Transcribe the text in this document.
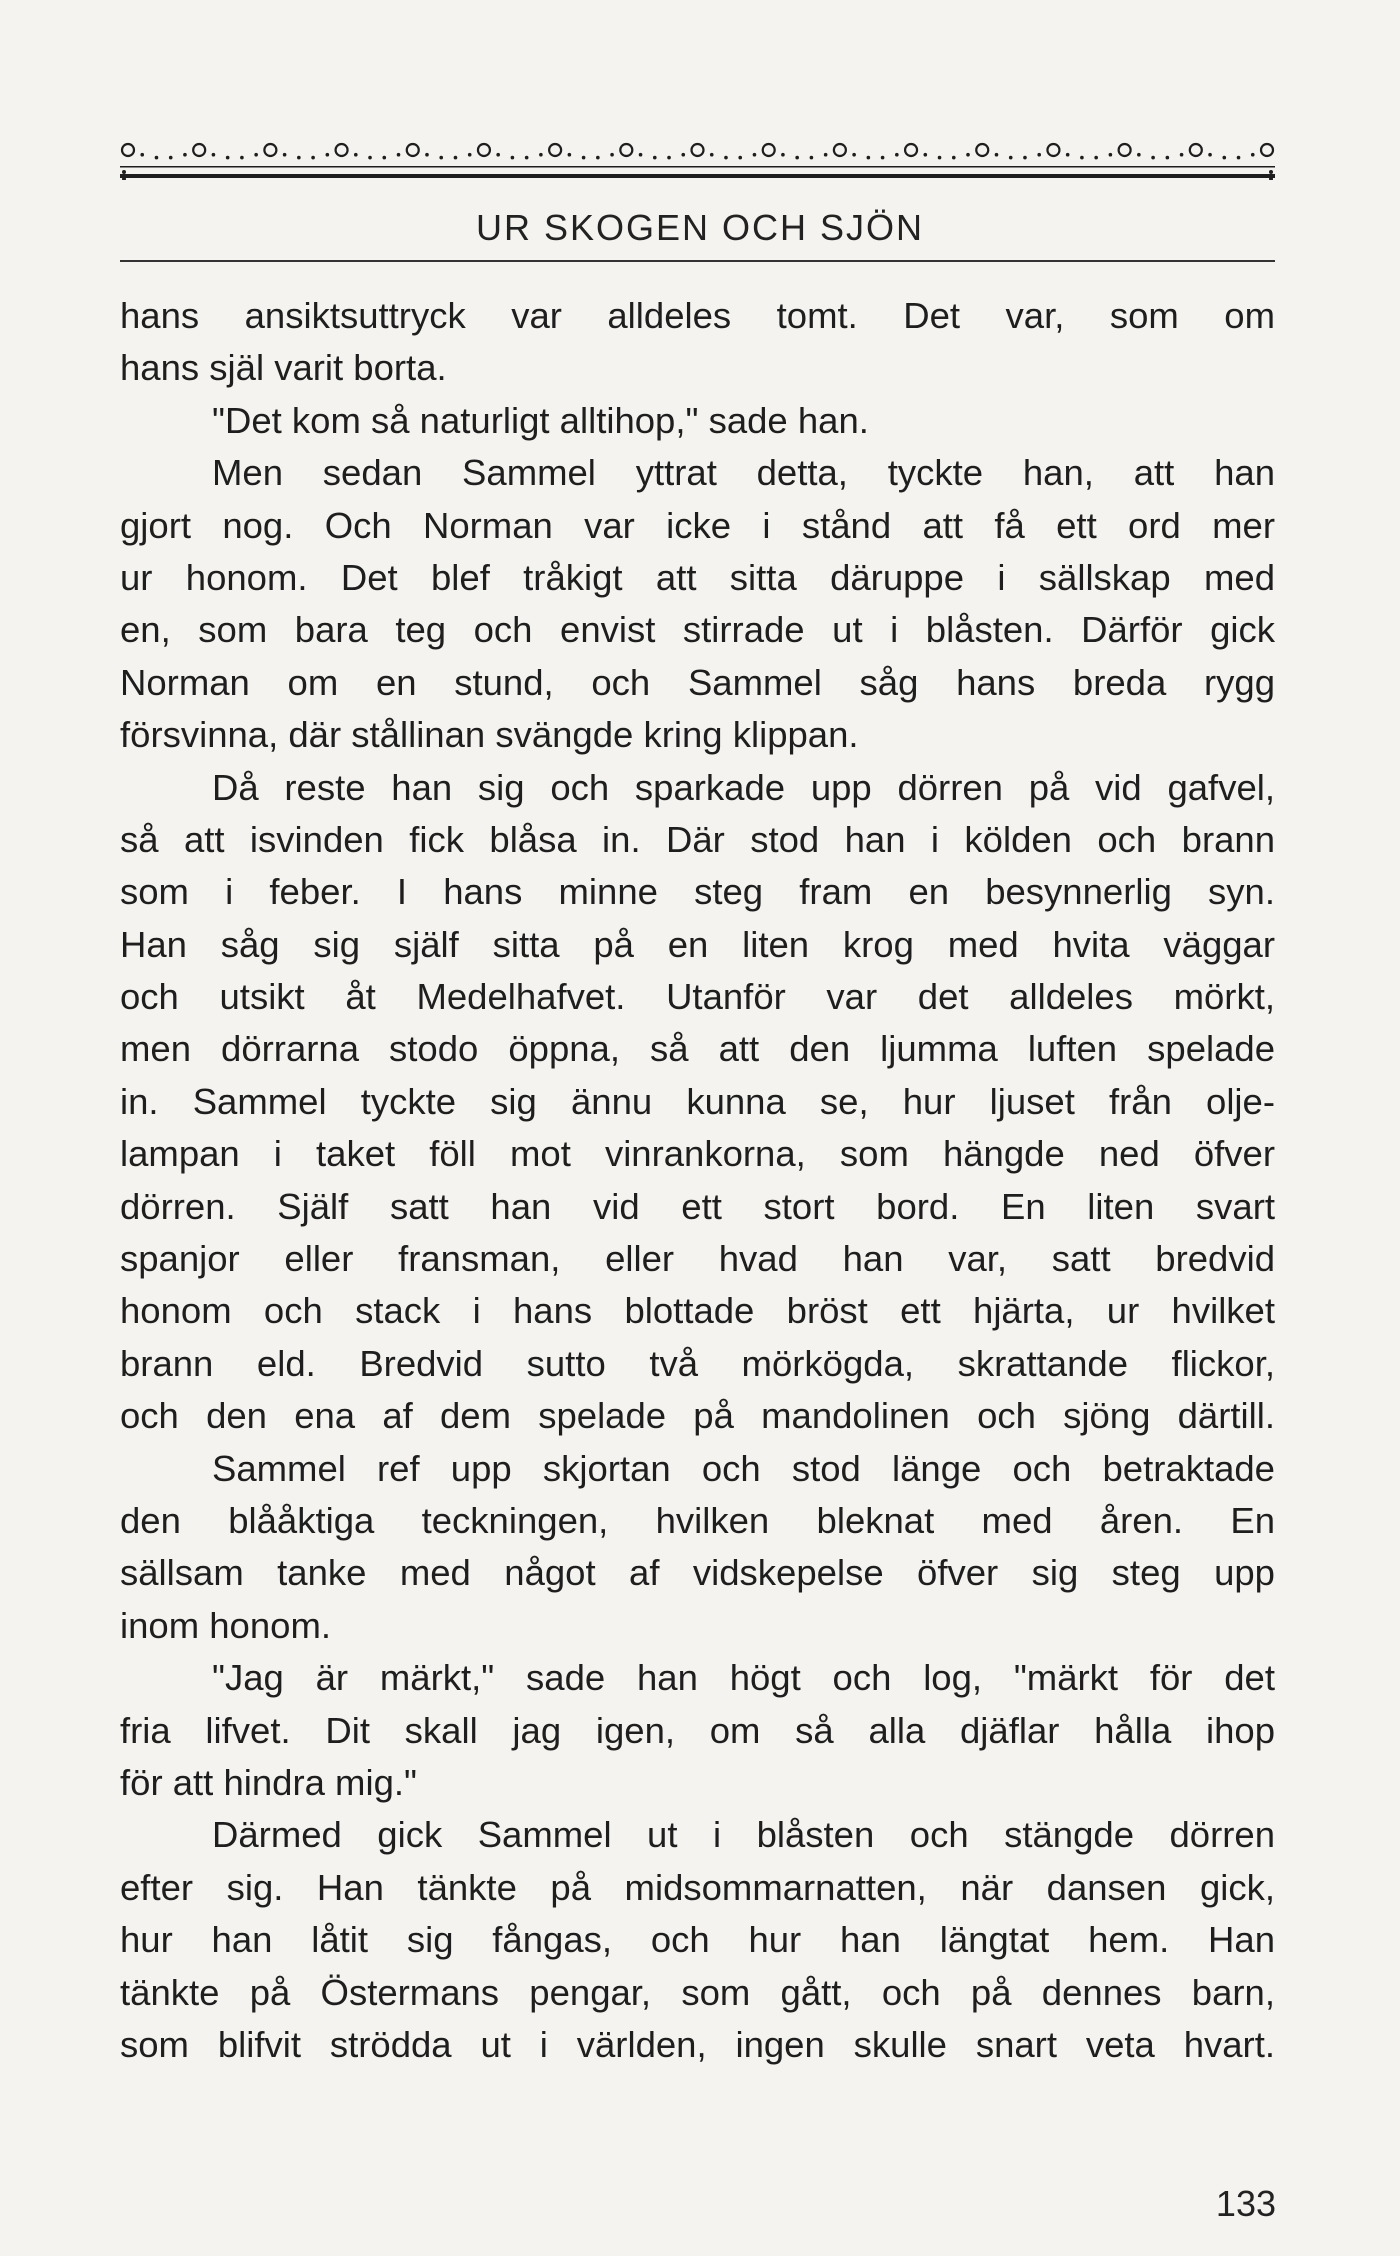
UR SKOGEN OCH SJÖN
hans ansiktsuttryck var alldeles tomt. Det var, som om
hans själ varit borta.
"Det kom så naturligt alltihop," sade han.
Men sedan Sammel yttrat detta, tyckte han, att han
gjort nog. Och Norman var icke i stånd att få ett ord mer
ur honom. Det blef tråkigt att sitta däruppe i sällskap med
en, som bara teg och envist stirrade ut i blåsten. Därför gick
Norman om en stund, och Sammel såg hans breda rygg
försvinna, där stållinan svängde kring klippan.
Då reste han sig och sparkade upp dörren på vid gafvel,
så att isvinden fick blåsa in. Där stod han i kölden och brann
som i feber. I hans minne steg fram en besynnerlig syn.
Han såg sig själf sitta på en liten krog med hvita väggar
och utsikt åt Medelhafvet. Utanför var det alldeles mörkt,
men dörrarna stodo öppna, så att den ljumma luften spelade
in. Sammel tyckte sig ännu kunna se, hur ljuset från olje-
lampan i taket föll mot vinrankorna, som hängde ned öfver
dörren. Själf satt han vid ett stort bord. En liten svart
spanjor eller fransman, eller hvad han var, satt bredvid
honom och stack i hans blottade bröst ett hjärta, ur hvilket
brann eld. Bredvid sutto två mörkögda, skrattande flickor,
och den ena af dem spelade på mandolinen och sjöng därtill.
Sammel ref upp skjortan och stod länge och betraktade
den blååktiga teckningen, hvilken bleknat med åren. En
sällsam tanke med något af vidskepelse öfver sig steg upp
inom honom.
"Jag är märkt," sade han högt och log, "märkt för det
fria lifvet. Dit skall jag igen, om så alla djäflar hålla ihop
för att hindra mig."
Därmed gick Sammel ut i blåsten och stängde dörren
efter sig. Han tänkte på midsommarnatten, när dansen gick,
hur han låtit sig fångas, och hur han längtat hem. Han
tänkte på Östermans pengar, som gått, och på dennes barn,
som blifvit strödda ut i världen, ingen skulle snart veta hvart.
133
